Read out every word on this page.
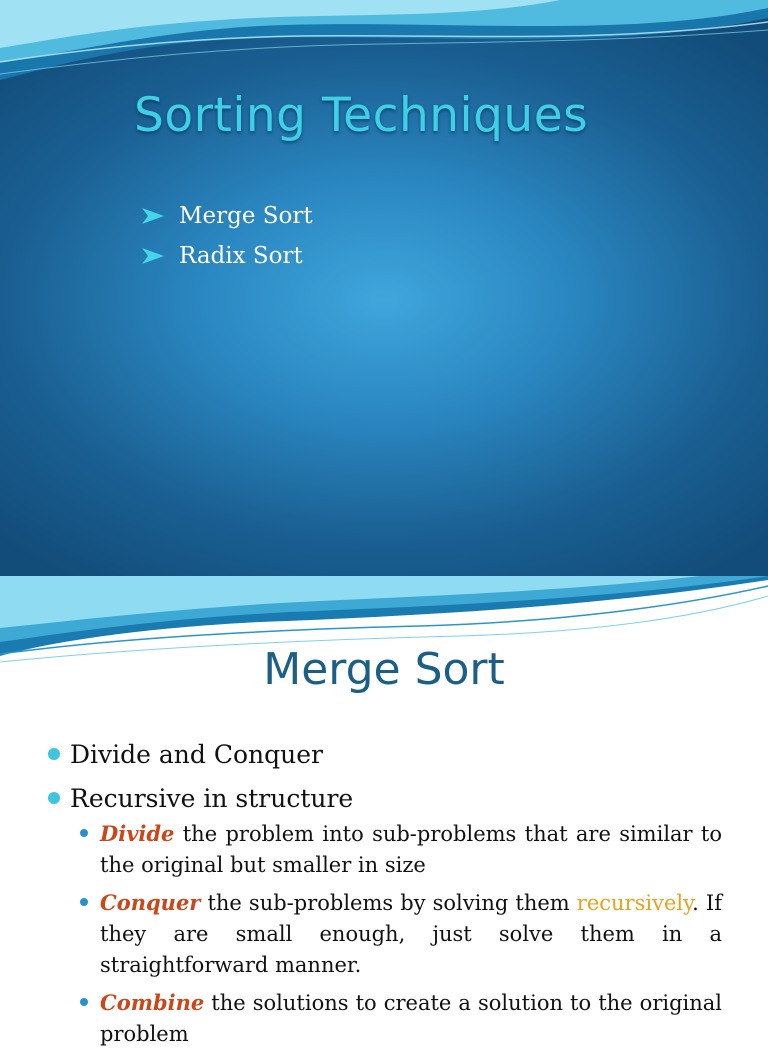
Sorting Techniques
Merge Sort
Radix Sort
Merge Sort
Divide and Conquer
Recursive in structure
Divide the problem into sub-problems that are similar to the original but smaller in size
Conquer the sub-problems by solving them recursively. If they are small enough, just solve them in a straightforward manner.
Combine the solutions to create a solution to the original problem
